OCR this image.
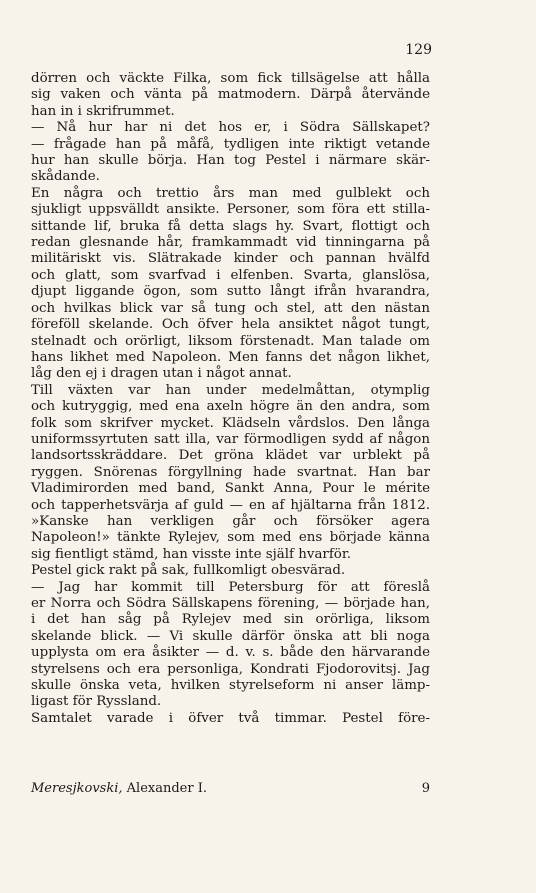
129
dörren och väckte Filka, som fick tillsägelse att hålla
sig vaken och vänta på matmodern. Därpå återvände
han in i skrifrummet.
— Nå hur har ni det hos er, i Södra Sällskapet?
— frågade han på måfå, tydligen inte riktigt vetande
hur han skulle börja. Han tog Pestel i närmare skär-
skådande.
En några och trettio års man med gulblekt och
sjukligt uppsvälldt ansikte. Personer, som föra ett stilla-
sittande lif, bruka få detta slags hy. Svart, flottigt och
redan glesnande hår, framkammadt vid tinningarna på
militäriskt vis. Slätrakade kinder och pannan hvälfd
och glatt, som svarfvad i elfenben. Svarta, glanslösa,
djupt liggande ögon, som sutto långt ifrån hvarandra,
och hvilkas blick var så tung och stel, att den nästan
föreföll skelande. Och öfver hela ansiktet något tungt,
stelnadt och orörligt, liksom förstenadt. Man talade om
hans likhet med Napoleon. Men fanns det någon likhet,
låg den ej i dragen utan i något annat.
Till växten var han under medelmåttan, otymplig
och kutryggig, med ena axeln högre än den andra, som
folk som skrifver mycket. Klädseln vårdslos. Den långa
uniformssyrtuten satt illa, var förmodligen sydd af någon
landsortsskräddare. Det gröna klädet var urblekt på
ryggen. Snörenas förgyllning hade svartnat. Han bar
Vladimirorden med band, Sankt Anna, Pour le mérite
och tapperhetsvärja af guld — en af hjältarna från 1812.
»Kanske han verkligen går och försöker agera
Napoleon!» tänkte Rylejev, som med ens började känna
sig fientligt stämd, han visste inte själf hvarför.
Pestel gick rakt på sak, fullkomligt obesvärad.
— Jag har kommit till Petersburg för att föreslå
er Norra och Södra Sällskapens förening, — började han,
i det han såg på Rylejev med sin orörliga, liksom
skelande blick. — Vi skulle därför önska att bli noga
upplysta om era åsikter — d. v. s. både den härvarande
styrelsens och era personliga, Kondrati Fjodorovitsj. Jag
skulle önska veta, hvilken styrelseform ni anser lämp-
ligast för Ryssland.
Samtalet varade i öfver två timmar. Pestel före-
Meresjkovski, Alexander I.	9
